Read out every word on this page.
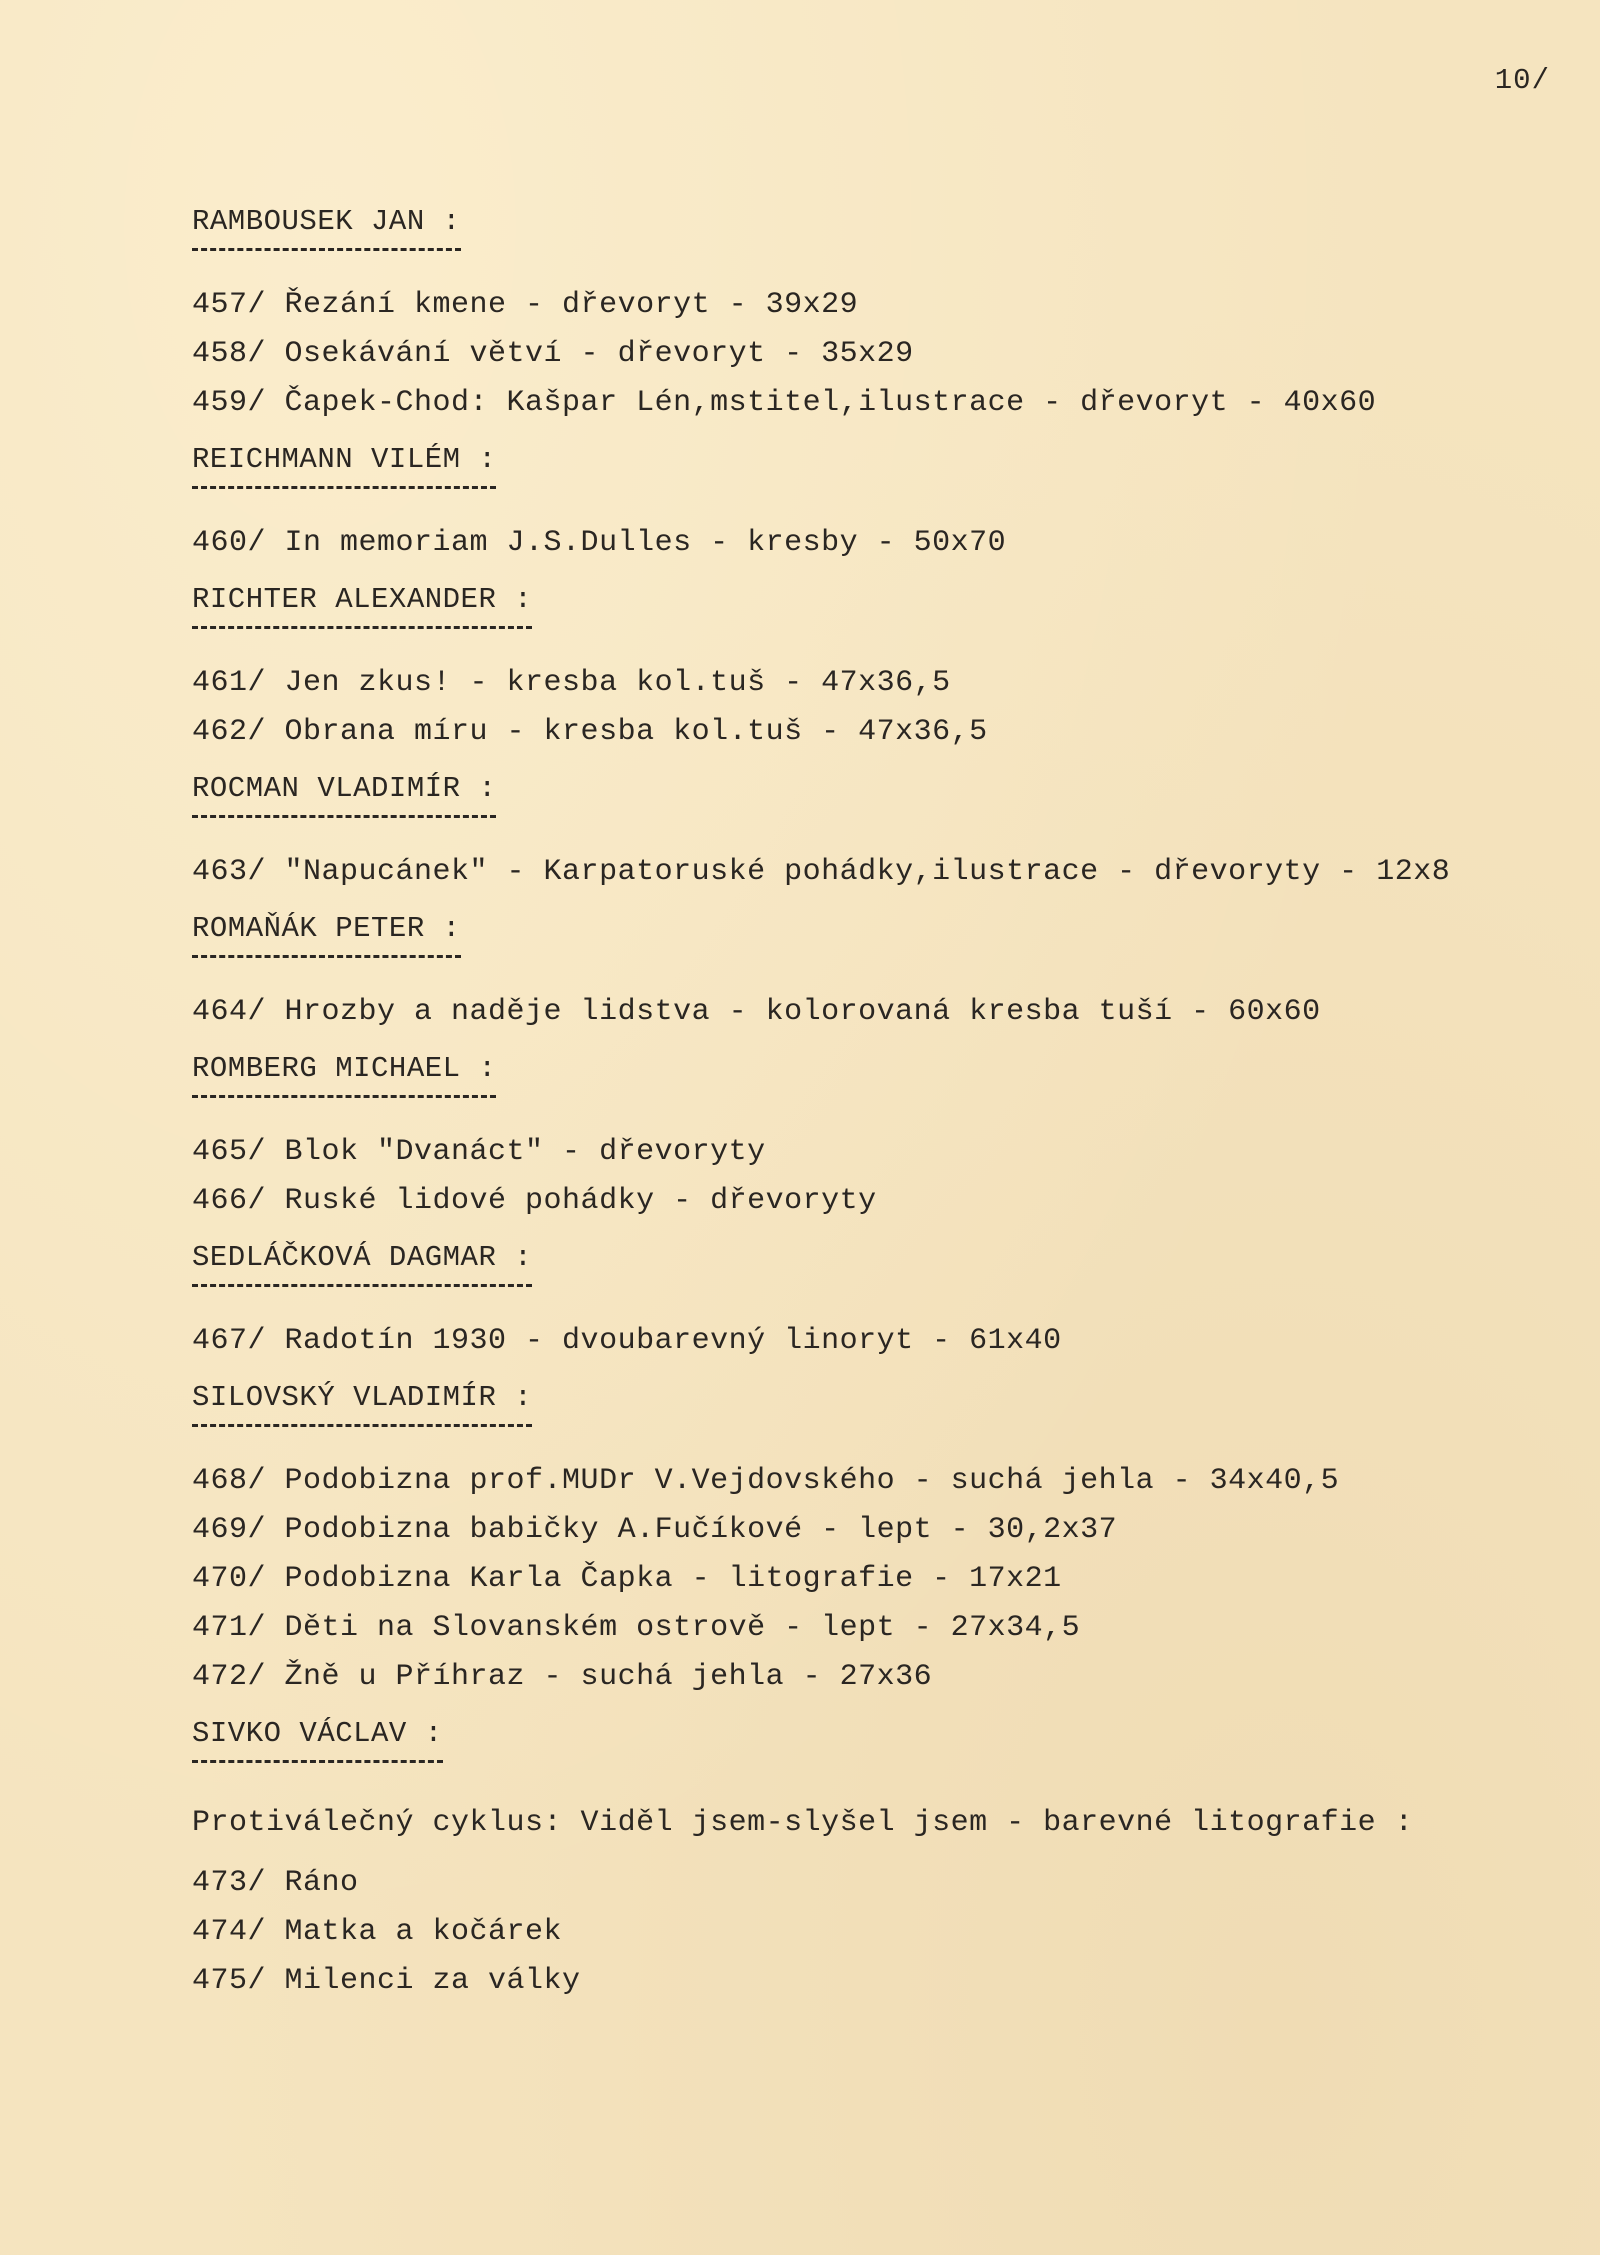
10/
RAMBOUSEK JAN :
457/ Řezání kmene - dřevoryt - 39x29
458/ Osekávání větví - dřevoryt - 35x29
459/ Čapek-Chod: Kašpar Lén,mstitel,ilustrace - dřevoryt - 40x60
REICHMANN VILÉM :
460/ In memoriam J.S.Dulles - kresby - 50x70
RICHTER ALEXANDER :
461/ Jen zkus! - kresba kol.tuš - 47x36,5
462/ Obrana míru - kresba kol.tuš - 47x36,5
ROCMAN VLADIMÍR :
463/ "Napucánek" - Karpatoruské pohádky,ilustrace - dřevoryty - 12x8
ROMAŇÁK PETER :
464/ Hrozby a naděje lidstva - kolorovaná kresba tuší - 60x60
ROMBERG MICHAEL :
465/ Blok "Dvanáct" - dřevoryty
466/ Ruské lidové pohádky - dřevoryty
SEDLÁČKOVÁ DAGMAR :
467/ Radotín 1930 - dvoubarevný linoryt - 61x40
SILOVSKÝ VLADIMÍR :
468/ Podobizna prof.MUDr V.Vejdovského - suchá jehla - 34x40,5
469/ Podobizna babičky A.Fučíkové - lept - 30,2x37
470/ Podobizna Karla Čapka - litografie - 17x21
471/ Děti na Slovanském ostrově - lept - 27x34,5
472/ Žně u Příhraz - suchá jehla - 27x36
SIVKO VÁCLAV :
Protiválečný cyklus: Viděl jsem-slyšel jsem - barevné litografie :
473/ Ráno
474/ Matka a kočárek
475/ Milenci za války
